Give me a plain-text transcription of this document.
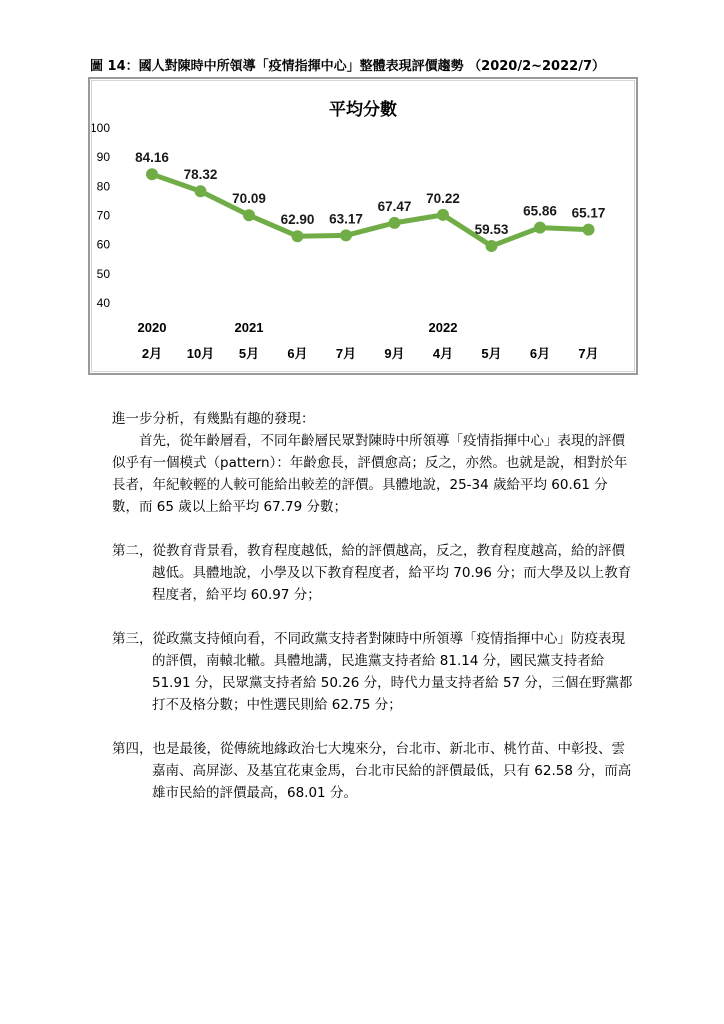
圖 14：國人對陳時中所領導「疫情指揮中心」整體表現評價趨勢 （2020/2~2022/7）
平均分數
40
50
60
70
80
90
100
84.16
78.32
70.09
62.90 63.17
67.47
70.22
59.53
65.86 65.17
2020	2021	2022
2月 10月 5月 6月 7月 9月 4月 5月 6月 7月

進一步分析，有幾點有趣的發現：

首先，從年齡層看，不同年齡層民眾對陳時中所領導「疫情指揮中心」表現的評價似乎有一個模式（pattern）：年齡愈長，評價愈高；反之，亦然。也就是說，相對於年長者，年紀較輕的人較可能給出較差的評價。具體地說，25-34 歲給平均 60.61 分數，而 65 歲以上給平均 67.79 分數；

第二，從教育背景看，教育程度越低，給的評價越高，反之，教育程度越高，給的評價越低。具體地說，小學及以下教育程度者，給平均 70.96 分；而大學及以上教育程度者，給平均 60.97 分；

第三，從政黨支持傾向看，不同政黨支持者對陳時中所領導「疫情指揮中心」防疫表現的評價，南轅北轍。具體地講，民進黨支持者給 81.14 分，國民黨支持者給 51.91 分，民眾黨支持者給 50.26 分，時代力量支持者給 57 分，三個在野黨都打不及格分數；中性選民則給 62.75 分；

第四，也是最後，從傳統地緣政治七大塊來分，台北市、新北市、桃竹苗、中彰投、雲嘉南、高屏澎、及基宜花東金馬，台北市民給的評價最低，只有 62.58 分，而高雄市民給的評價最高，68.01 分。
